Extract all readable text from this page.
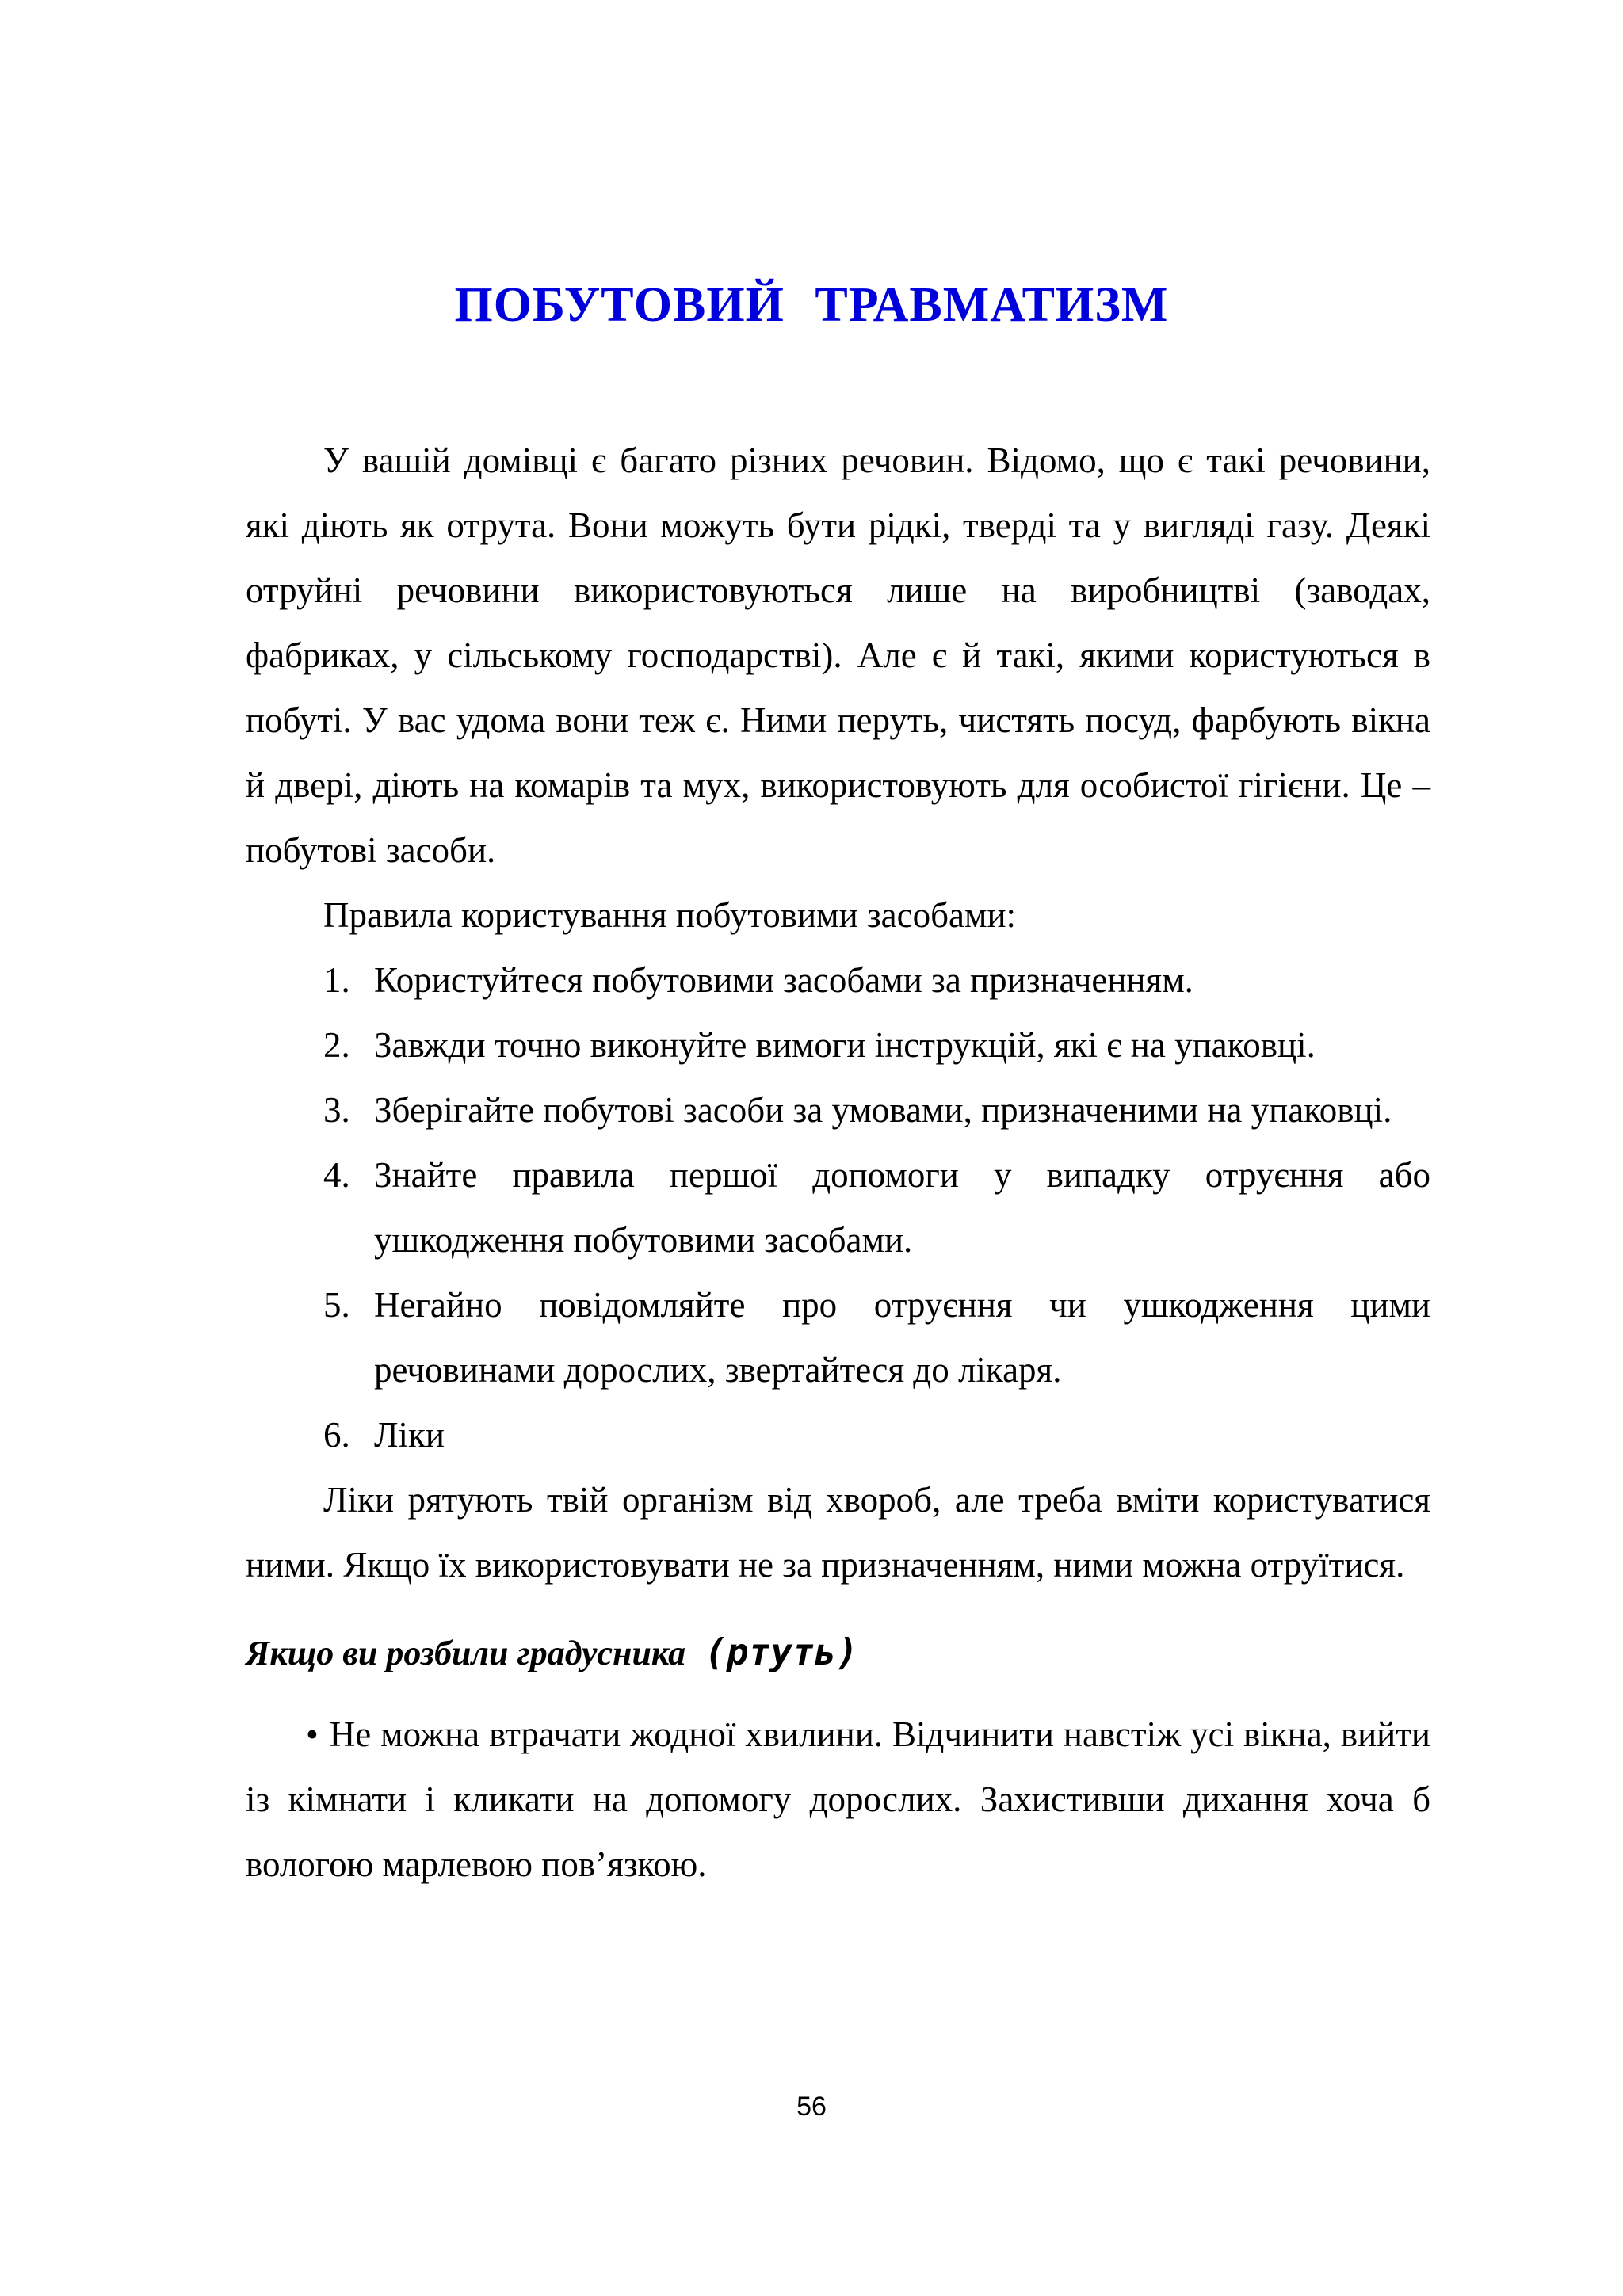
ПОБУТОВИЙ ТРАВМАТИЗМ

У вашій домівці є багато різних речовин. Відомо, що є такі речовини, які діють як отрута. Вони можуть бути рідкі, тверді та у вигляді газу. Деякі отруйні речовини використовуються лише на виробництві (заводах, фабриках, у сільському господарстві). Але є й такі, якими користуються в побуті. У вас удома вони теж є. Ними перуть, чистять посуд, фарбують вікна й двері, діють на комарів та мух, використовують для особистої гігієни. Це – побутові засоби.

Правила користування побутовими засобами:

1. Користуйтеся побутовими засобами за призначенням.
2. Завжди точно виконуйте вимоги інструкцій, які є на упаковці.
3. Зберігайте побутові засоби за умовами, призначеними на упаковці.
4. Знайте правила першої допомоги у випадку отруєння або ушкодження побутовими засобами.
5. Негайно повідомляйте про отруєння чи ушкодження цими речовинами дорослих, звертайтеся до лікаря.
6. Ліки

Ліки рятують твій організм від хвороб, але треба вміти користуватися ними. Якщо їх використовувати не за призначенням, ними можна отруїтися.

Якщо ви розбили градусника (ртуть)

• Не можна втрачати жодної хвилини. Відчинити навстіж усі вікна, вийти із кімнати і кликати на допомогу дорослих. Захистивши дихання хоча б вологою марлевою пов’язкою.

56
